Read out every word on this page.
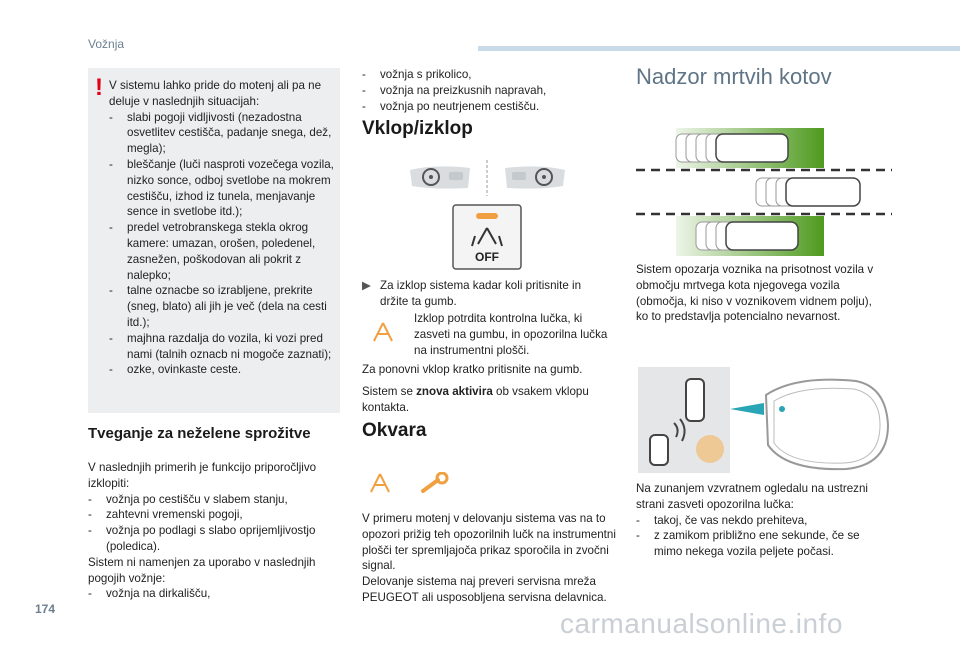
Vožnja
! V sistemu lahko pride do motenj ali pa ne deluje v naslednjih situacijah:
- slabi pogoji vidljivosti (nezadostna osvetlitev cestišča, padanje snega, dež, megla);
- bleščanje (luči nasproti vozečega vozila, nizko sonce, odboj svetlobe na mokrem cestišču, izhod iz tunela, menjavanje sence in svetlobe itd.);
- predel vetrobranskega stekla okrog kamere: umazan, orošen, poledenel, zasnežen, poškodovan ali pokrit z nalepko;
- talne oznacbe so izrabljene, prekrite (sneg, blato) ali jih je več (dela na cesti itd.);
- majhna razdalja do vozila, ki vozi pred nami (talnih oznacb ni mogoče zaznati);
- ozke, ovinkaste ceste.
Tveganje za neželene sprožitve
V naslednjih primerih je funkcijo priporočljivo izklopiti:
- vožnja po cestišču v slabem stanju,
- zahtevni vremenski pogoji,
- vožnja po podlagi s slabo oprijemljivostjo (poledica).
Sistem ni namenjen za uporabo v naslednjih pogojih vožnje:
- vožnja na dirkališču,
- vožnja s prikolico,
- vožnja na preizkusnih napravah,
- vožnja po neutrjenem cestišču.
Vklop/izklop
OFF
▶ Za izklop sistema kadar koli pritisnite in držite ta gumb.
Izklop potrdita kontrolna lučka, ki zasveti na gumbu, in opozorilna lučka na instrumentni plošči.
Za ponovni vklop kratko pritisnite na gumb.
Sistem se znova aktivira ob vsakem vklopu kontakta.
Okvara
V primeru motenj v delovanju sistema vas na to opozori prižig teh opozorilnih lučk na instrumentni plošči ter spremljajoča prikaz sporočila in zvočni signal.
Delovanje sistema naj preveri servisna mreža PEUGEOT ali usposobljena servisna delavnica.
Nadzor mrtvih kotov
Sistem opozarja voznika na prisotnost vozila v območju mrtvega kota njegovega vozila (območja, ki niso v voznikovem vidnem polju), ko to predstavlja potencialno nevarnost.
Na zunanjem vzvratnem ogledalu na ustrezni strani zasveti opozorilna lučka:
- takoj, če vas nekdo prehiteva,
- z zamikom približno ene sekunde, če se mimo nekega vozila peljete počasi.
174	carmanualsonline.info
